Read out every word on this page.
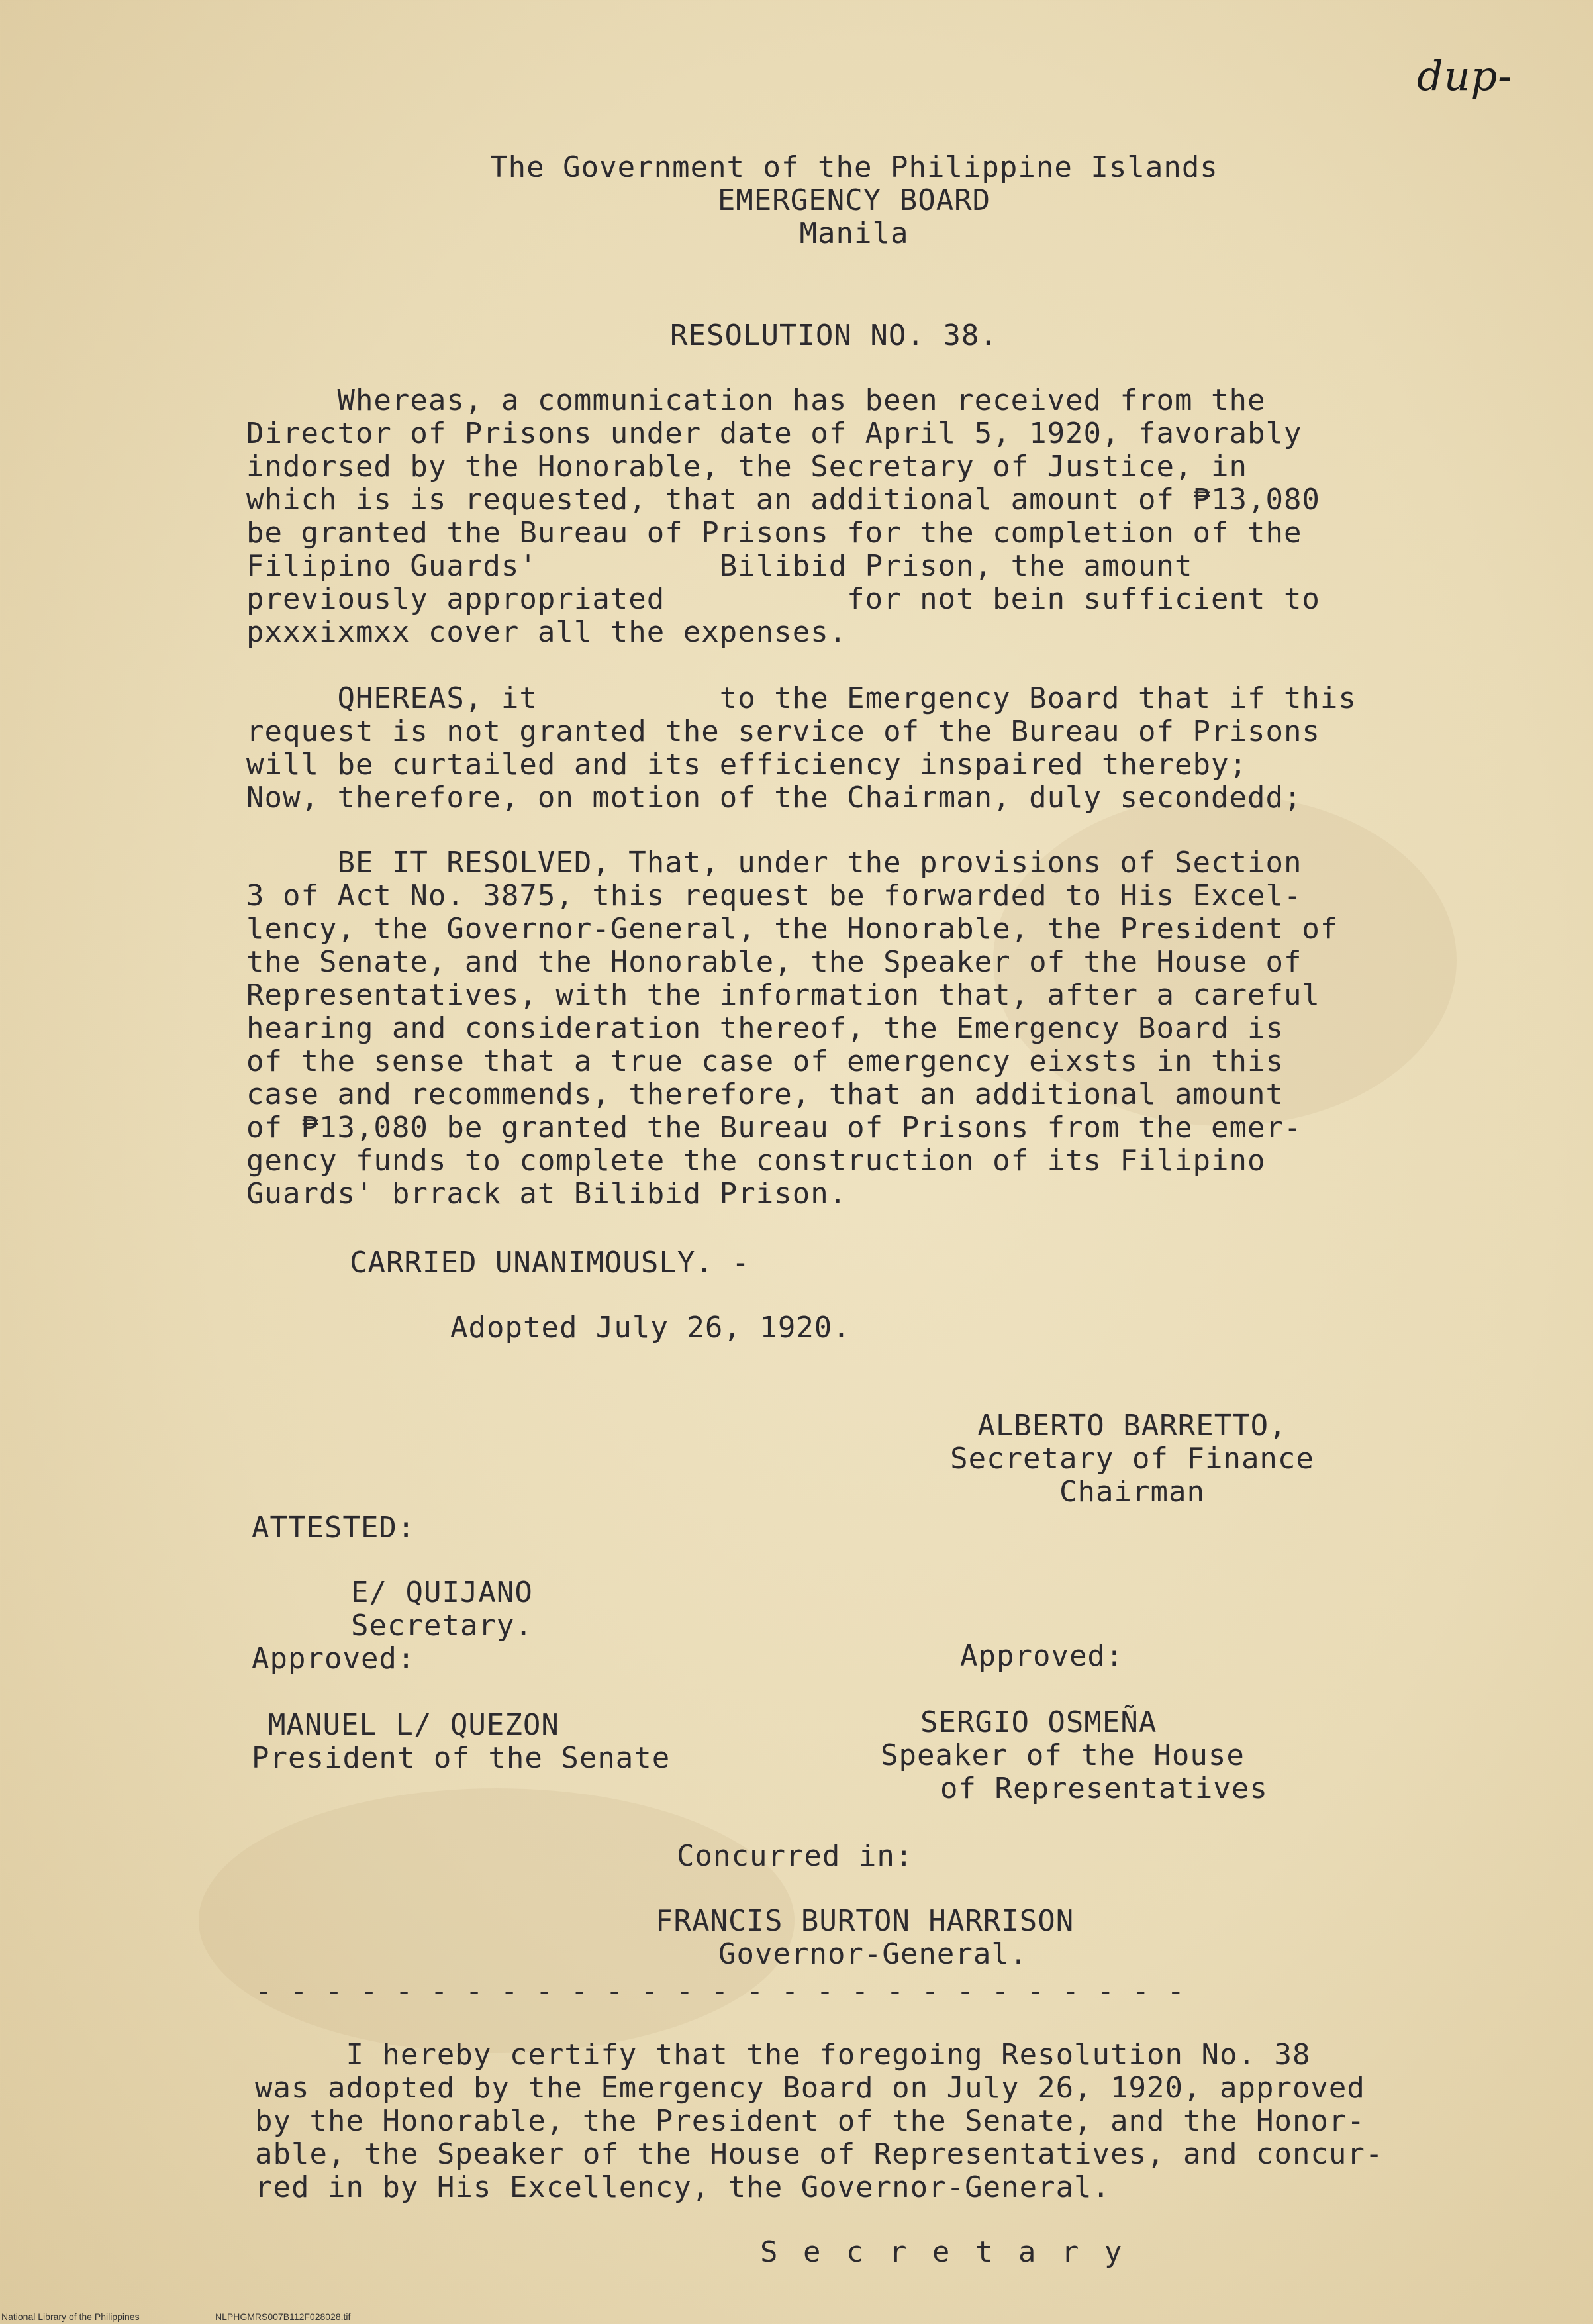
dup-
The Government of the Philippine Islands
EMERGENCY BOARD
Manila
RESOLUTION NO. 38.
Whereas, a communication has been received from the
Director of Prisons under date of April 5, 1920, favorably
indorsed by the Honorable, the Secretary of Justice, in
which is is requested, that an additional amount of ₱13,080
be granted the Bureau of Prisons for the completion of the
Filipino Guards'          Bilibid Prison, the amount
previously appropriated          for not bein sufficient to
pxxxixmxx cover all the expenses.
QHEREAS, it          to the Emergency Board that if this
request is not granted the service of the Bureau of Prisons
will be curtailed and its efficiency inspaired thereby;
Now, therefore, on motion of the Chairman, duly secondedd;
BE IT RESOLVED, That, under the provisions of Section
3 of Act No. 3875, this request be forwarded to His Excel-
lency, the Governor-General, the Honorable, the President of
the Senate, and the Honorable, the Speaker of the House of
Representatives, with the information that, after a careful
hearing and consideration thereof, the Emergency Board is
of the sense that a true case of emergency eixsts in this
case and recommends, therefore, that an additional amount
of ₱13,080 be granted the Bureau of Prisons from the emer-
gency funds to complete the construction of its Filipino
Guards' brrack at Bilibid Prison.
CARRIED UNANIMOUSLY. -
Adopted July 26, 1920.
ALBERTO BARRETTO,
Secretary of Finance
Chairman
ATTESTED:
E/ QUIJANO
Secretary.
Approved:	Approved:
MANUEL L/ QUEZON
President of the Senate
SERGIO OSMEÑA
Speaker of the House
of Representatives
Concurred in:
FRANCIS BURTON HARRISON
Governor-General.
- - - - - - - - - - - - - - - - - - - - - - - - - - -
I hereby certify that the foregoing Resolution No. 38
was adopted by the Emergency Board on July 26, 1920, approved
by the Honorable, the President of the Senate, and the Honor-
able, the Speaker of the House of Representatives, and concur-
red in by His Excellency, the Governor-General.
S e c r e t a r y
National Library of the Philippines	NLPHGMRS007B112F028028.tif
